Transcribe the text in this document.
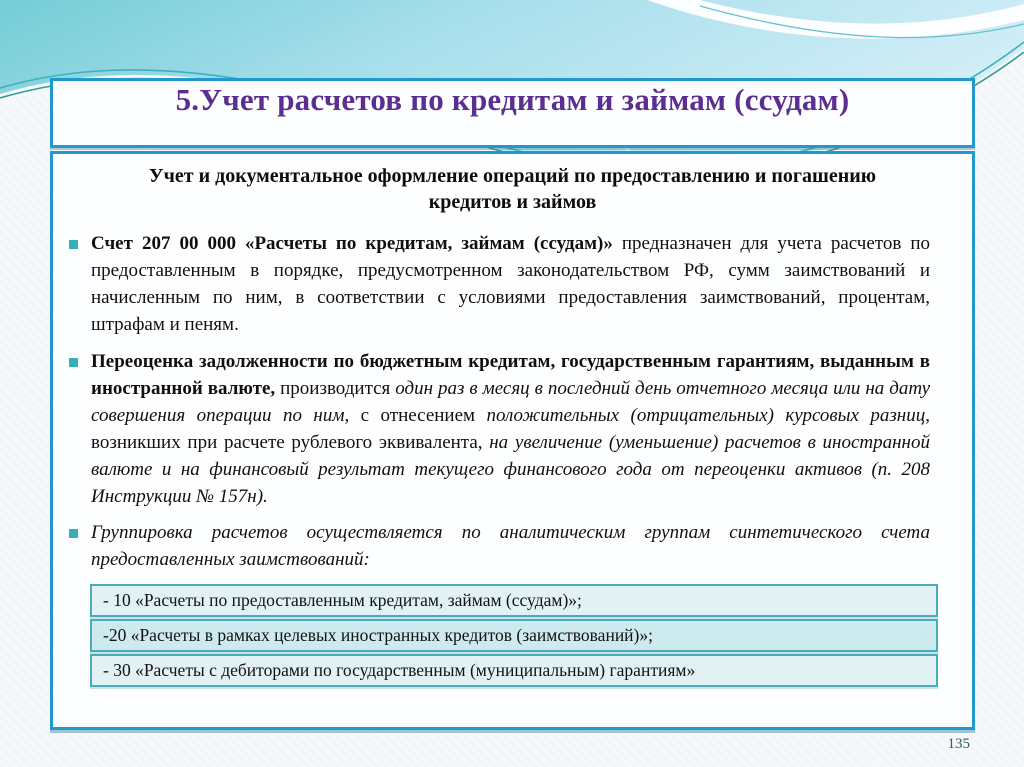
5.Учет расчетов по кредитам и займам (ссудам)
Учет и документальное оформление операций по предоставлению и погашению кредитов и займов
Счет 207 00 000 «Расчеты по кредитам, займам (ссудам)» предназначен для учета расчетов по предоставленным в порядке, предусмотренном законодательством РФ, сумм заимствований и начисленным по ним, в соответствии с условиями предоставления заимствований, процентам, штрафам и пеням.
Переоценка задолженности по бюджетным кредитам, государственным гарантиям, выданным в иностранной валюте, производится один раз в месяц в последний день отчетного месяца или на дату совершения операции по ним, с отнесением положительных (отрицательных) курсовых разниц, возникших при расчете рублевого эквивалента, на увеличение (уменьшение) расчетов в иностранной валюте и на финансовый результат текущего финансового года от переоценки активов (п. 208 Инструкции № 157н).
Группировка расчетов осуществляется по аналитическим группам синтетического счета предоставленных заимствований:
- 10 «Расчеты по предоставленным кредитам, займам (ссудам)»;
-20 «Расчеты в рамках целевых иностранных кредитов (заимствований)»;
- 30 «Расчеты с дебиторами по государственным (муниципальным) гарантиям»
135
